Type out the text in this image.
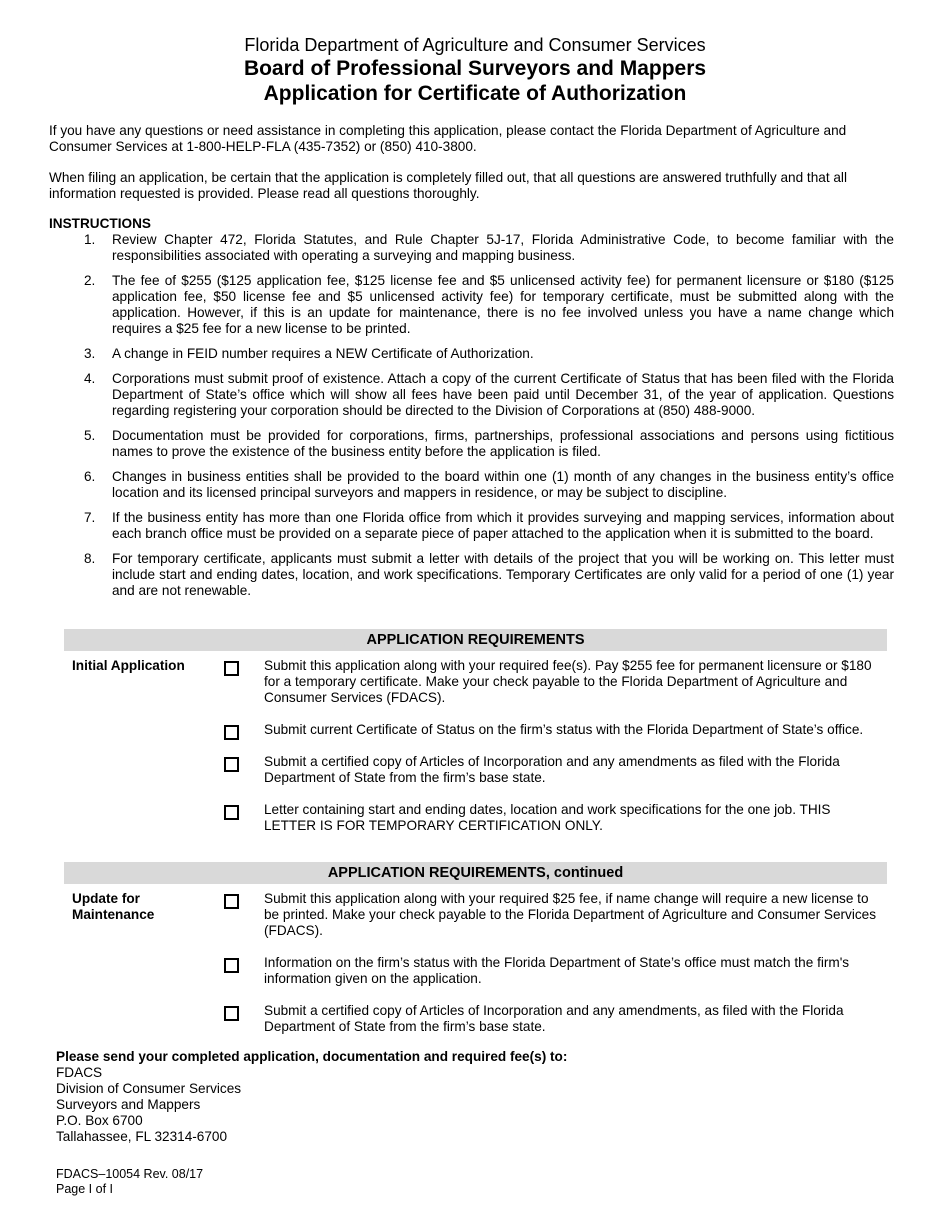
Florida Department of Agriculture and Consumer Services
Board of Professional Surveyors and Mappers
Application for Certificate of Authorization
If you have any questions or need assistance in completing this application, please contact the Florida Department of Agriculture and Consumer Services at 1-800-HELP-FLA (435-7352) or (850) 410-3800.
When filing an application, be certain that the application is completely filled out, that all questions are answered truthfully and that all information requested is provided. Please read all questions thoroughly.
INSTRUCTIONS
1. Review Chapter 472, Florida Statutes, and Rule Chapter 5J-17, Florida Administrative Code, to become familiar with the responsibilities associated with operating a surveying and mapping business.
2. The fee of $255 ($125 application fee, $125 license fee and $5 unlicensed activity fee) for permanent licensure or $180 ($125 application fee, $50 license fee and $5 unlicensed activity fee) for temporary certificate, must be submitted along with the application. However, if this is an update for maintenance, there is no fee involved unless you have a name change which requires a $25 fee for a new license to be printed.
3. A change in FEID number requires a NEW Certificate of Authorization.
4. Corporations must submit proof of existence. Attach a copy of the current Certificate of Status that has been filed with the Florida Department of State’s office which will show all fees have been paid until December 31, of the year of application. Questions regarding registering your corporation should be directed to the Division of Corporations at (850) 488-9000.
5. Documentation must be provided for corporations, firms, partnerships, professional associations and persons using fictitious names to prove the existence of the business entity before the application is filed.
6. Changes in business entities shall be provided to the board within one (1) month of any changes in the business entity’s office location and its licensed principal surveyors and mappers in residence, or may be subject to discipline.
7. If the business entity has more than one Florida office from which it provides surveying and mapping services, information about each branch office must be provided on a separate piece of paper attached to the application when it is submitted to the board.
8. For temporary certificate, applicants must submit a letter with details of the project that you will be working on. This letter must include start and ending dates, location, and work specifications. Temporary Certificates are only valid for a period of one (1) year and are not renewable.
APPLICATION REQUIREMENTS
Initial Application	Submit this application along with your required fee(s). Pay $255 fee for permanent licensure or $180 for a temporary certificate. Make your check payable to the Florida Department of Agriculture and Consumer Services (FDACS).
Submit current Certificate of Status on the firm’s status with the Florida Department of State’s office.
Submit a certified copy of Articles of Incorporation and any amendments as filed with the Florida Department of State from the firm’s base state.
Letter containing start and ending dates, location and work specifications for the one job. THIS LETTER IS FOR TEMPORARY CERTIFICATION ONLY.
APPLICATION REQUIREMENTS, continued
Update for
Maintenance
Submit this application along with your required $25 fee, if name change will require a new license to be printed. Make your check payable to the Florida Department of Agriculture and Consumer Services (FDACS).
Information on the firm’s status with the Florida Department of State’s office must match the firm's information given on the application.
Submit a certified copy of Articles of Incorporation and any amendments, as filed with the Florida Department of State from the firm’s base state.
Please send your completed application, documentation and required fee(s) to:
FDACS
Division of Consumer Services
Surveyors and Mappers
P.O. Box 6700
Tallahassee, FL 32314-6700
FDACS–10054 Rev. 08/17
Page I of I
